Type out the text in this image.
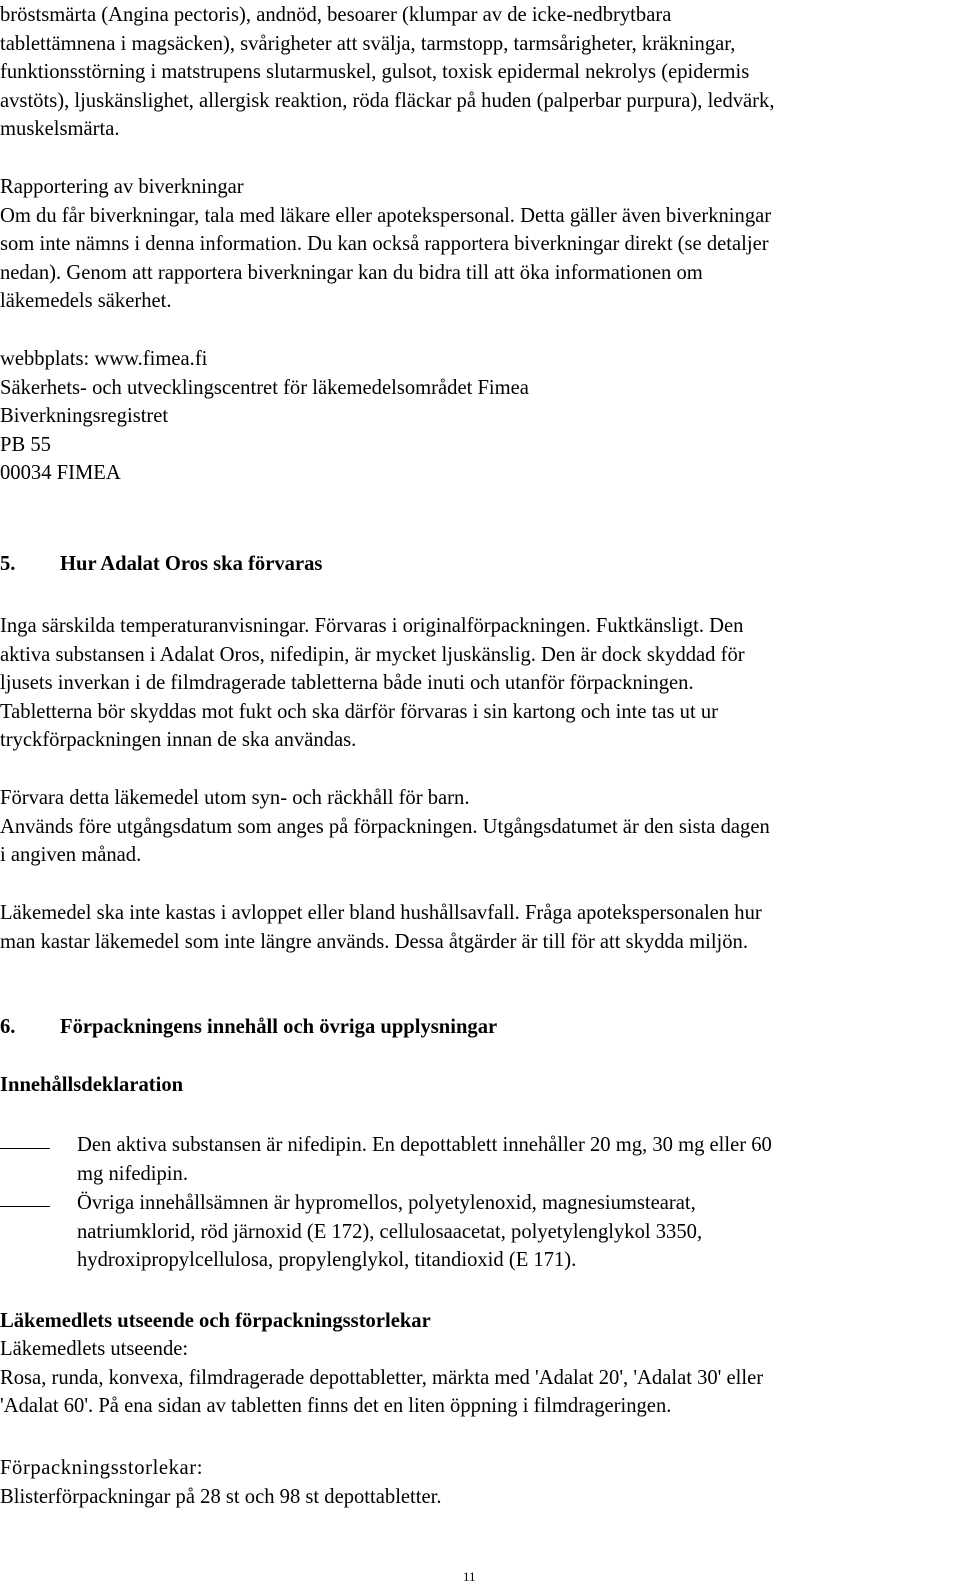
bröstsmärta (Angina pectoris), andnöd, besoarer (klumpar av de icke-nedbrytbara
tablettämnena i magsäcken), svårigheter att svälja, tarmstopp, tarmsårigheter, kräkningar,
funktionsstörning i matstrupens slutarmuskel, gulsot, toxisk epidermal nekrolys (epidermis
avstöts), ljuskänslighet, allergisk reaktion, röda fläckar på huden (palperbar purpura), ledvärk,
muskelsmärta.
Rapportering av biverkningar
Om du får biverkningar, tala med läkare eller apotekspersonal. Detta gäller även biverkningar
som inte nämns i denna information. Du kan också rapportera biverkningar direkt (se detaljer
nedan). Genom att rapportera biverkningar kan du bidra till att öka informationen om
läkemedels säkerhet.
webbplats: www.fimea.fi
Säkerhets- och utvecklingscentret för läkemedelsområdet Fimea
Biverkningsregistret
PB 55
00034 FIMEA
5. Hur Adalat Oros ska förvaras
Inga särskilda temperaturanvisningar. Förvaras i originalförpackningen. Fuktkänsligt. Den
aktiva substansen i Adalat Oros, nifedipin, är mycket ljuskänslig. Den är dock skyddad för
ljusets inverkan i de filmdragerade tabletterna både inuti och utanför förpackningen.
Tabletterna bör skyddas mot fukt och ska därför förvaras i sin kartong och inte tas ut ur
tryckförpackningen innan de ska användas.
Förvara detta läkemedel utom syn- och räckhåll för barn.
Används före utgångsdatum som anges på förpackningen. Utgångsdatumet är den sista dagen
i angiven månad.
Läkemedel ska inte kastas i avloppet eller bland hushållsavfall. Fråga apotekspersonalen hur
man kastar läkemedel som inte längre används. Dessa åtgärder är till för att skydda miljön.
6. Förpackningens innehåll och övriga upplysningar
Innehållsdeklaration
Den aktiva substansen är nifedipin. En depottablett innehåller 20 mg, 30 mg eller 60
mg nifedipin.
Övriga innehållsämnen är hypromellos, polyetylenoxid, magnesiumstearat,
natriumklorid, röd järnoxid (E 172), cellulosaacetat, polyetylenglykol 3350,
hydroxipropylcellulosa, propylenglykol, titandioxid (E 171).
Läkemedlets utseende och förpackningsstorlekar
Läkemedlets utseende:
Rosa, runda, konvexa, filmdragerade depottabletter, märkta med 'Adalat 20', 'Adalat 30' eller
'Adalat 60'. På ena sidan av tabletten finns det en liten öppning i filmdrageringen.
Förpackningsstorlekar:
Blisterförpackningar på 28 st och 98 st depottabletter.
11
